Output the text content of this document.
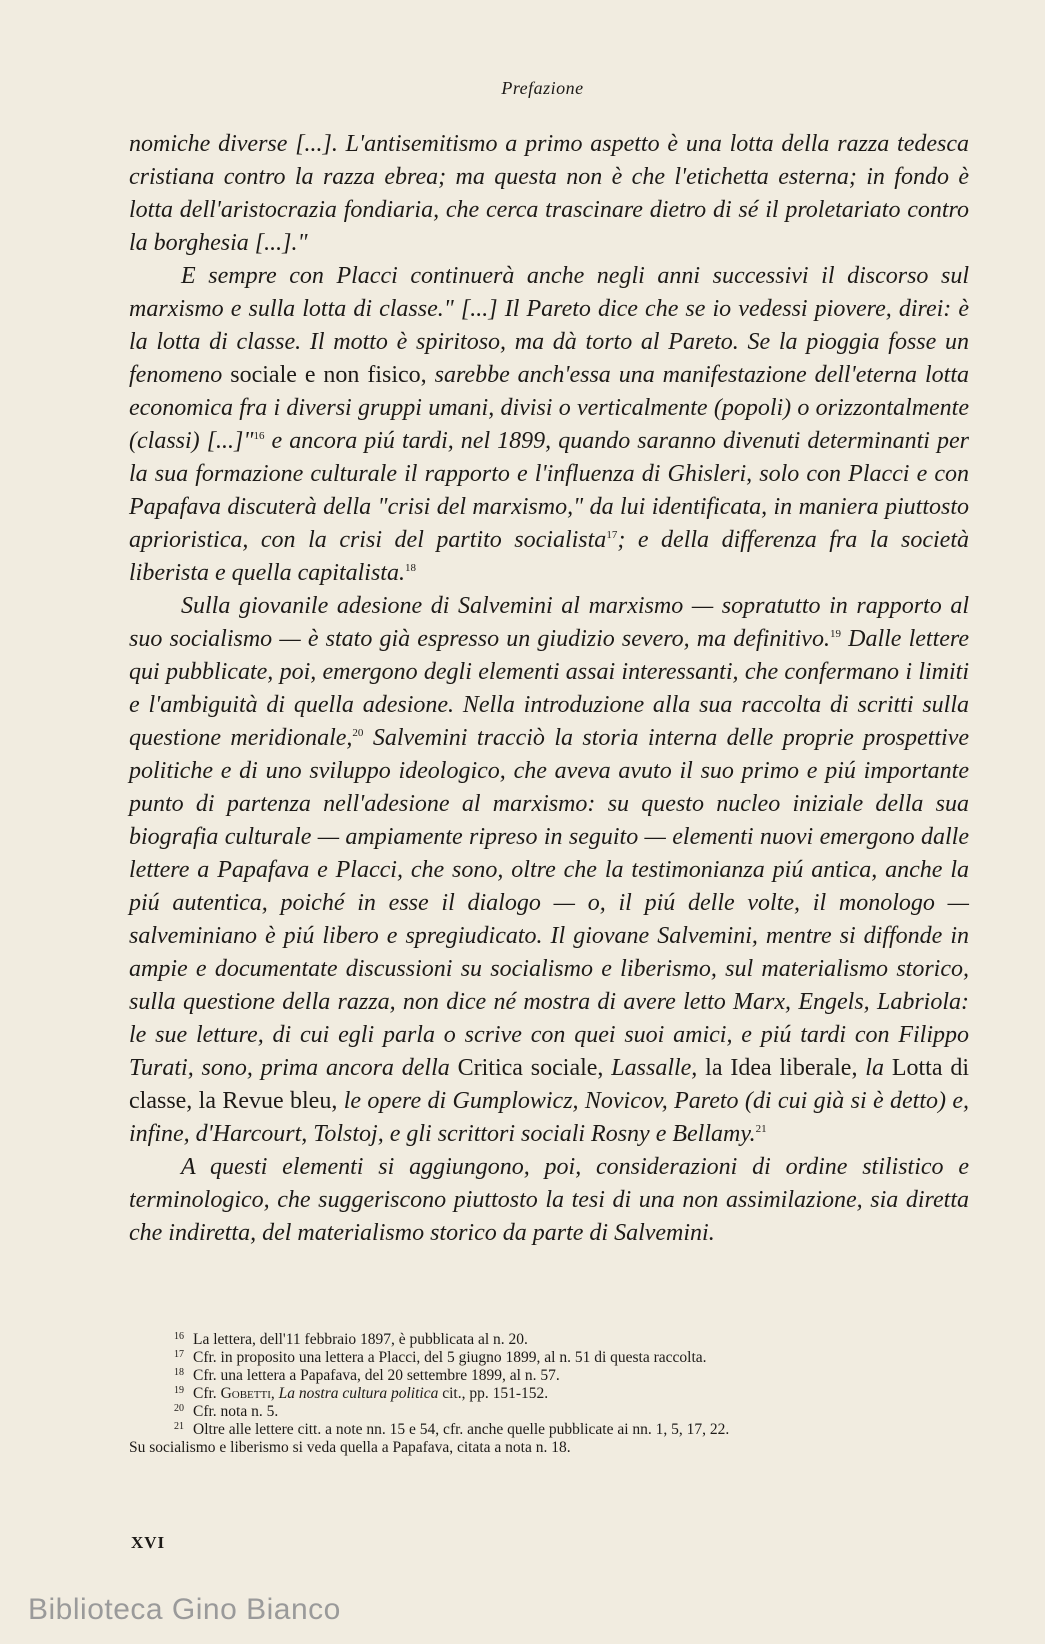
Prefazione

nomiche diverse [...]. L'antisemitismo a primo aspetto è una lotta della razza tedesca cristiana contro la razza ebrea; ma questa non è che l'etichetta esterna; in fondo è lotta dell'aristocrazia fondiaria, che cerca trascinare dietro di sé il proletariato contro la borghesia [...]."

E sempre con Placci continuerà anche negli anni successivi il discorso sul marxismo e sulla lotta di classe." [...] Il Pareto dice che se io vedessi piovere, direi: è la lotta di classe. Il motto è spiritoso, ma dà torto al Pareto. Se la pioggia fosse un fenomeno sociale e non fisico, sarebbe anch'essa una manifestazione dell'eterna lotta economica fra i diversi gruppi umani, divisi o verticalmente (popoli) o orizzontalmente (classi) [...]"$^{16}$ e ancora piú tardi, nel 1899, quando saranno divenuti determinanti per la sua formazione culturale il rapporto e l'influenza di Ghisleri, solo con Placci e con Papafava discuterà della "crisi del marxismo," da lui identificata, in maniera piuttosto aprioristica, con la crisi del partito socialista$^{17}$; e della differenza fra la società liberista e quella capitalista.$^{18}$

Sulla giovanile adesione di Salvemini al marxismo — sopratutto in rapporto al suo socialismo — è stato già espresso un giudizio severo, ma definitivo.$^{19}$ Dalle lettere qui pubblicate, poi, emergono degli elementi assai interessanti, che confermano i limiti e l'ambiguità di quella adesione. Nella introduzione alla sua raccolta di scritti sulla questione meridionale,$^{20}$ Salvemini tracciò la storia interna delle proprie prospettive politiche e di uno sviluppo ideologico, che aveva avuto il suo primo e piú importante punto di partenza nell'adesione al marxismo: su questo nucleo iniziale della sua biografia culturale — ampiamente ripreso in seguito — elementi nuovi emergono dalle lettere a Papafava e Placci, che sono, oltre che la testimonianza piú antica, anche la piú autentica, poiché in esse il dialogo — o, il piú delle volte, il monologo — salveminiano è piú libero e spregiudicato. Il giovane Salvemini, mentre si diffonde in ampie e documentate discussioni su socialismo e liberismo, sul materialismo storico, sulla questione della razza, non dice né mostra di avere letto Marx, Engels, Labriola: le sue letture, di cui egli parla o scrive con quei suoi amici, e piú tardi con Filippo Turati, sono, prima ancora della Critica sociale, Lassalle, la Idea liberale, la Lotta di classe, la Revue bleu, le opere di Gumplowicz, Novicov, Pareto (di cui già si è detto) e, infine, d'Harcourt, Tolstoj, e gli scrittori sociali Rosny e Bellamy.$^{21}$

A questi elementi si aggiungono, poi, considerazioni di ordine stilistico e terminologico, che suggeriscono piuttosto la tesi di una non assimilazione, sia diretta che indiretta, del materialismo storico da parte di Salvemini.

16 La lettera, dell'11 febbraio 1897, è pubblicata al n. 20.

17 Cfr. in proposito una lettera a Placci, del 5 giugno 1899, al n. 51 di questa raccolta.

18 Cfr. una lettera a Papafava, del 20 settembre 1899, al n. 57.

19 Cfr. Gobetti, La nostra cultura politica cit., pp. 151-152.

20 Cfr. nota n. 5.

21 Oltre alle lettere citt. a note nn. 15 e 54, cfr. anche quelle pubblicate ai nn. 1, 5, 17, 22.

Su socialismo e liberismo si veda quella a Papafava, citata a nota n. 18.

XVI
Biblioteca Gino Bianco
